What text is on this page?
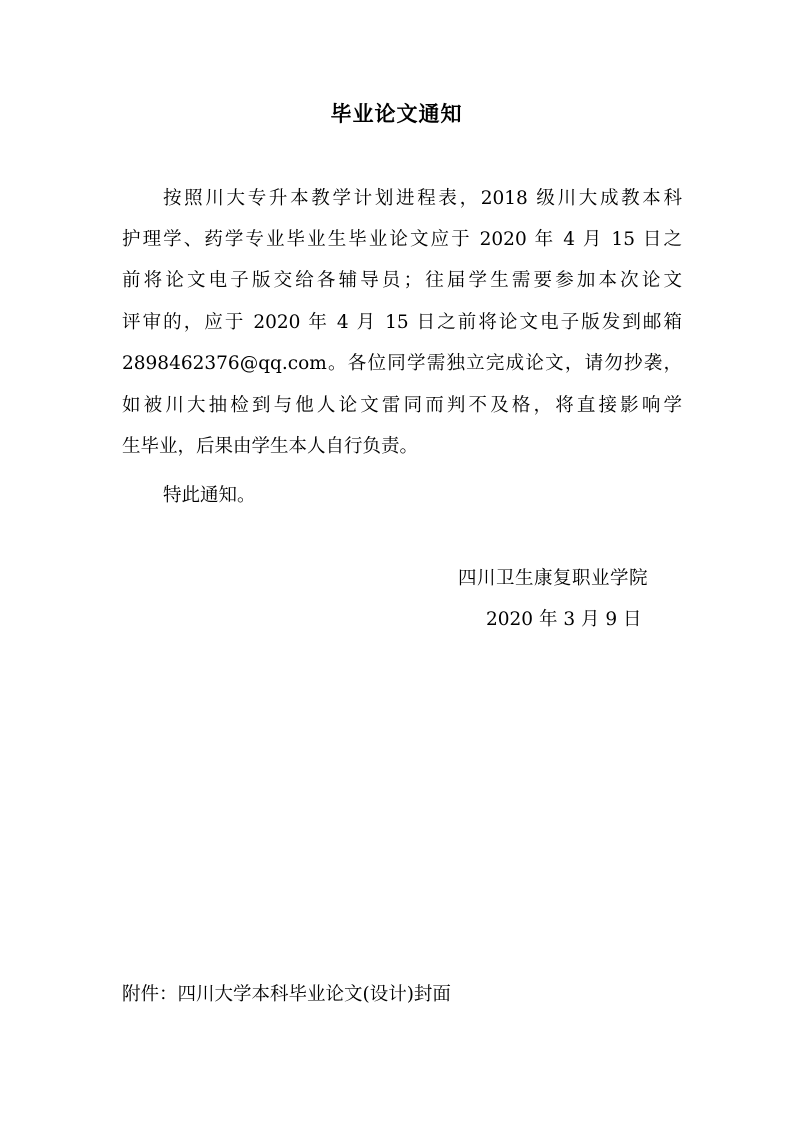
毕业论文通知
按照川大专升本教学计划进程表，2018 级川大成教本科
护理学、药学专业毕业生毕业论文应于 2020 年 4 月 15 日之
前将论文电子版交给各辅导员；往届学生需要参加本次论文
评审的，应于 2020 年 4 月 15 日之前将论文电子版发到邮箱
2898462376@qq.com。各位同学需独立完成论文，请勿抄袭，
如被川大抽检到与他人论文雷同而判不及格，将直接影响学
生毕业，后果由学生本人自行负责。
特此通知。
四川卫生康复职业学院
2020 年 3 月 9 日
附件：四川大学本科毕业论文(设计)封面
